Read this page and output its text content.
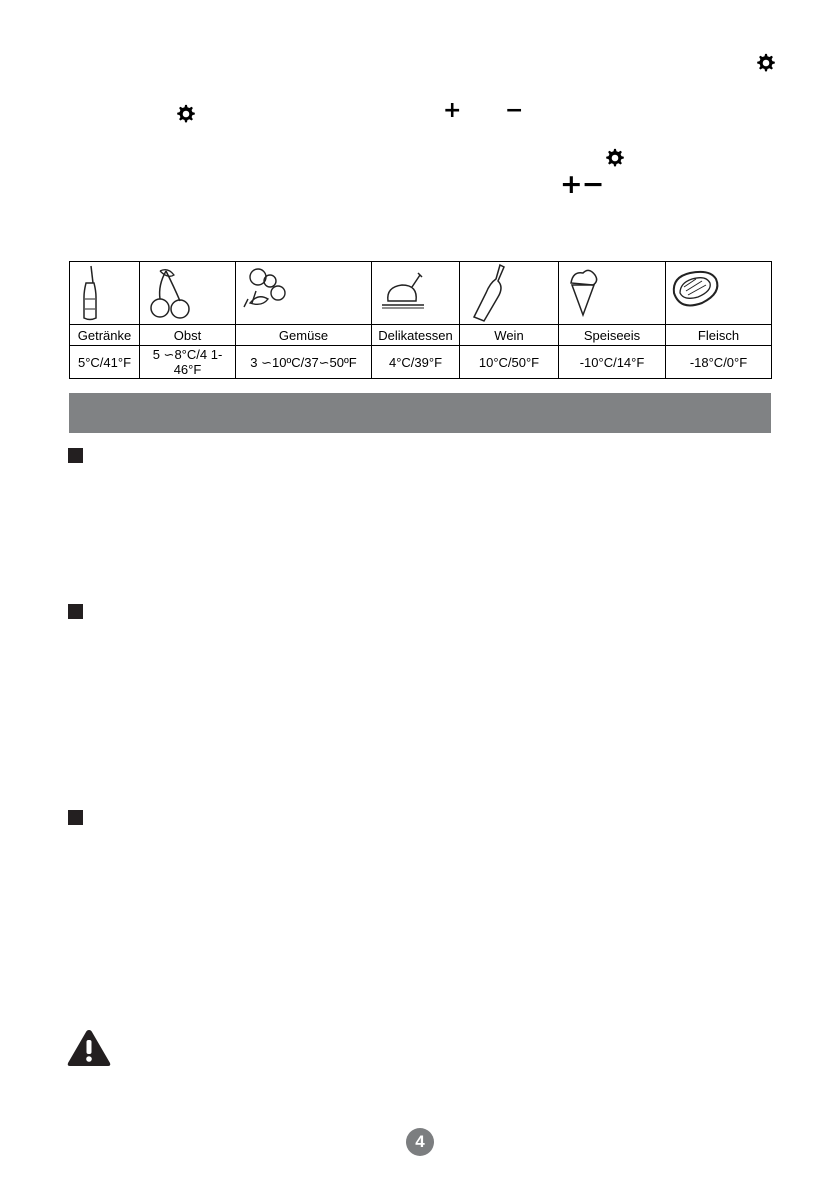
+ −
+−

Getränke	Obst	Gemüse	Delikatessen	Wein	Speiseeis	Fleisch
5°C/41°F	5 ∽8°C/4 1-46°F	3 ∽10ºC/37∽50ºF	4°C/39°F	10°C/50°F	-10°C/14°F	-18°C/0°F
4
